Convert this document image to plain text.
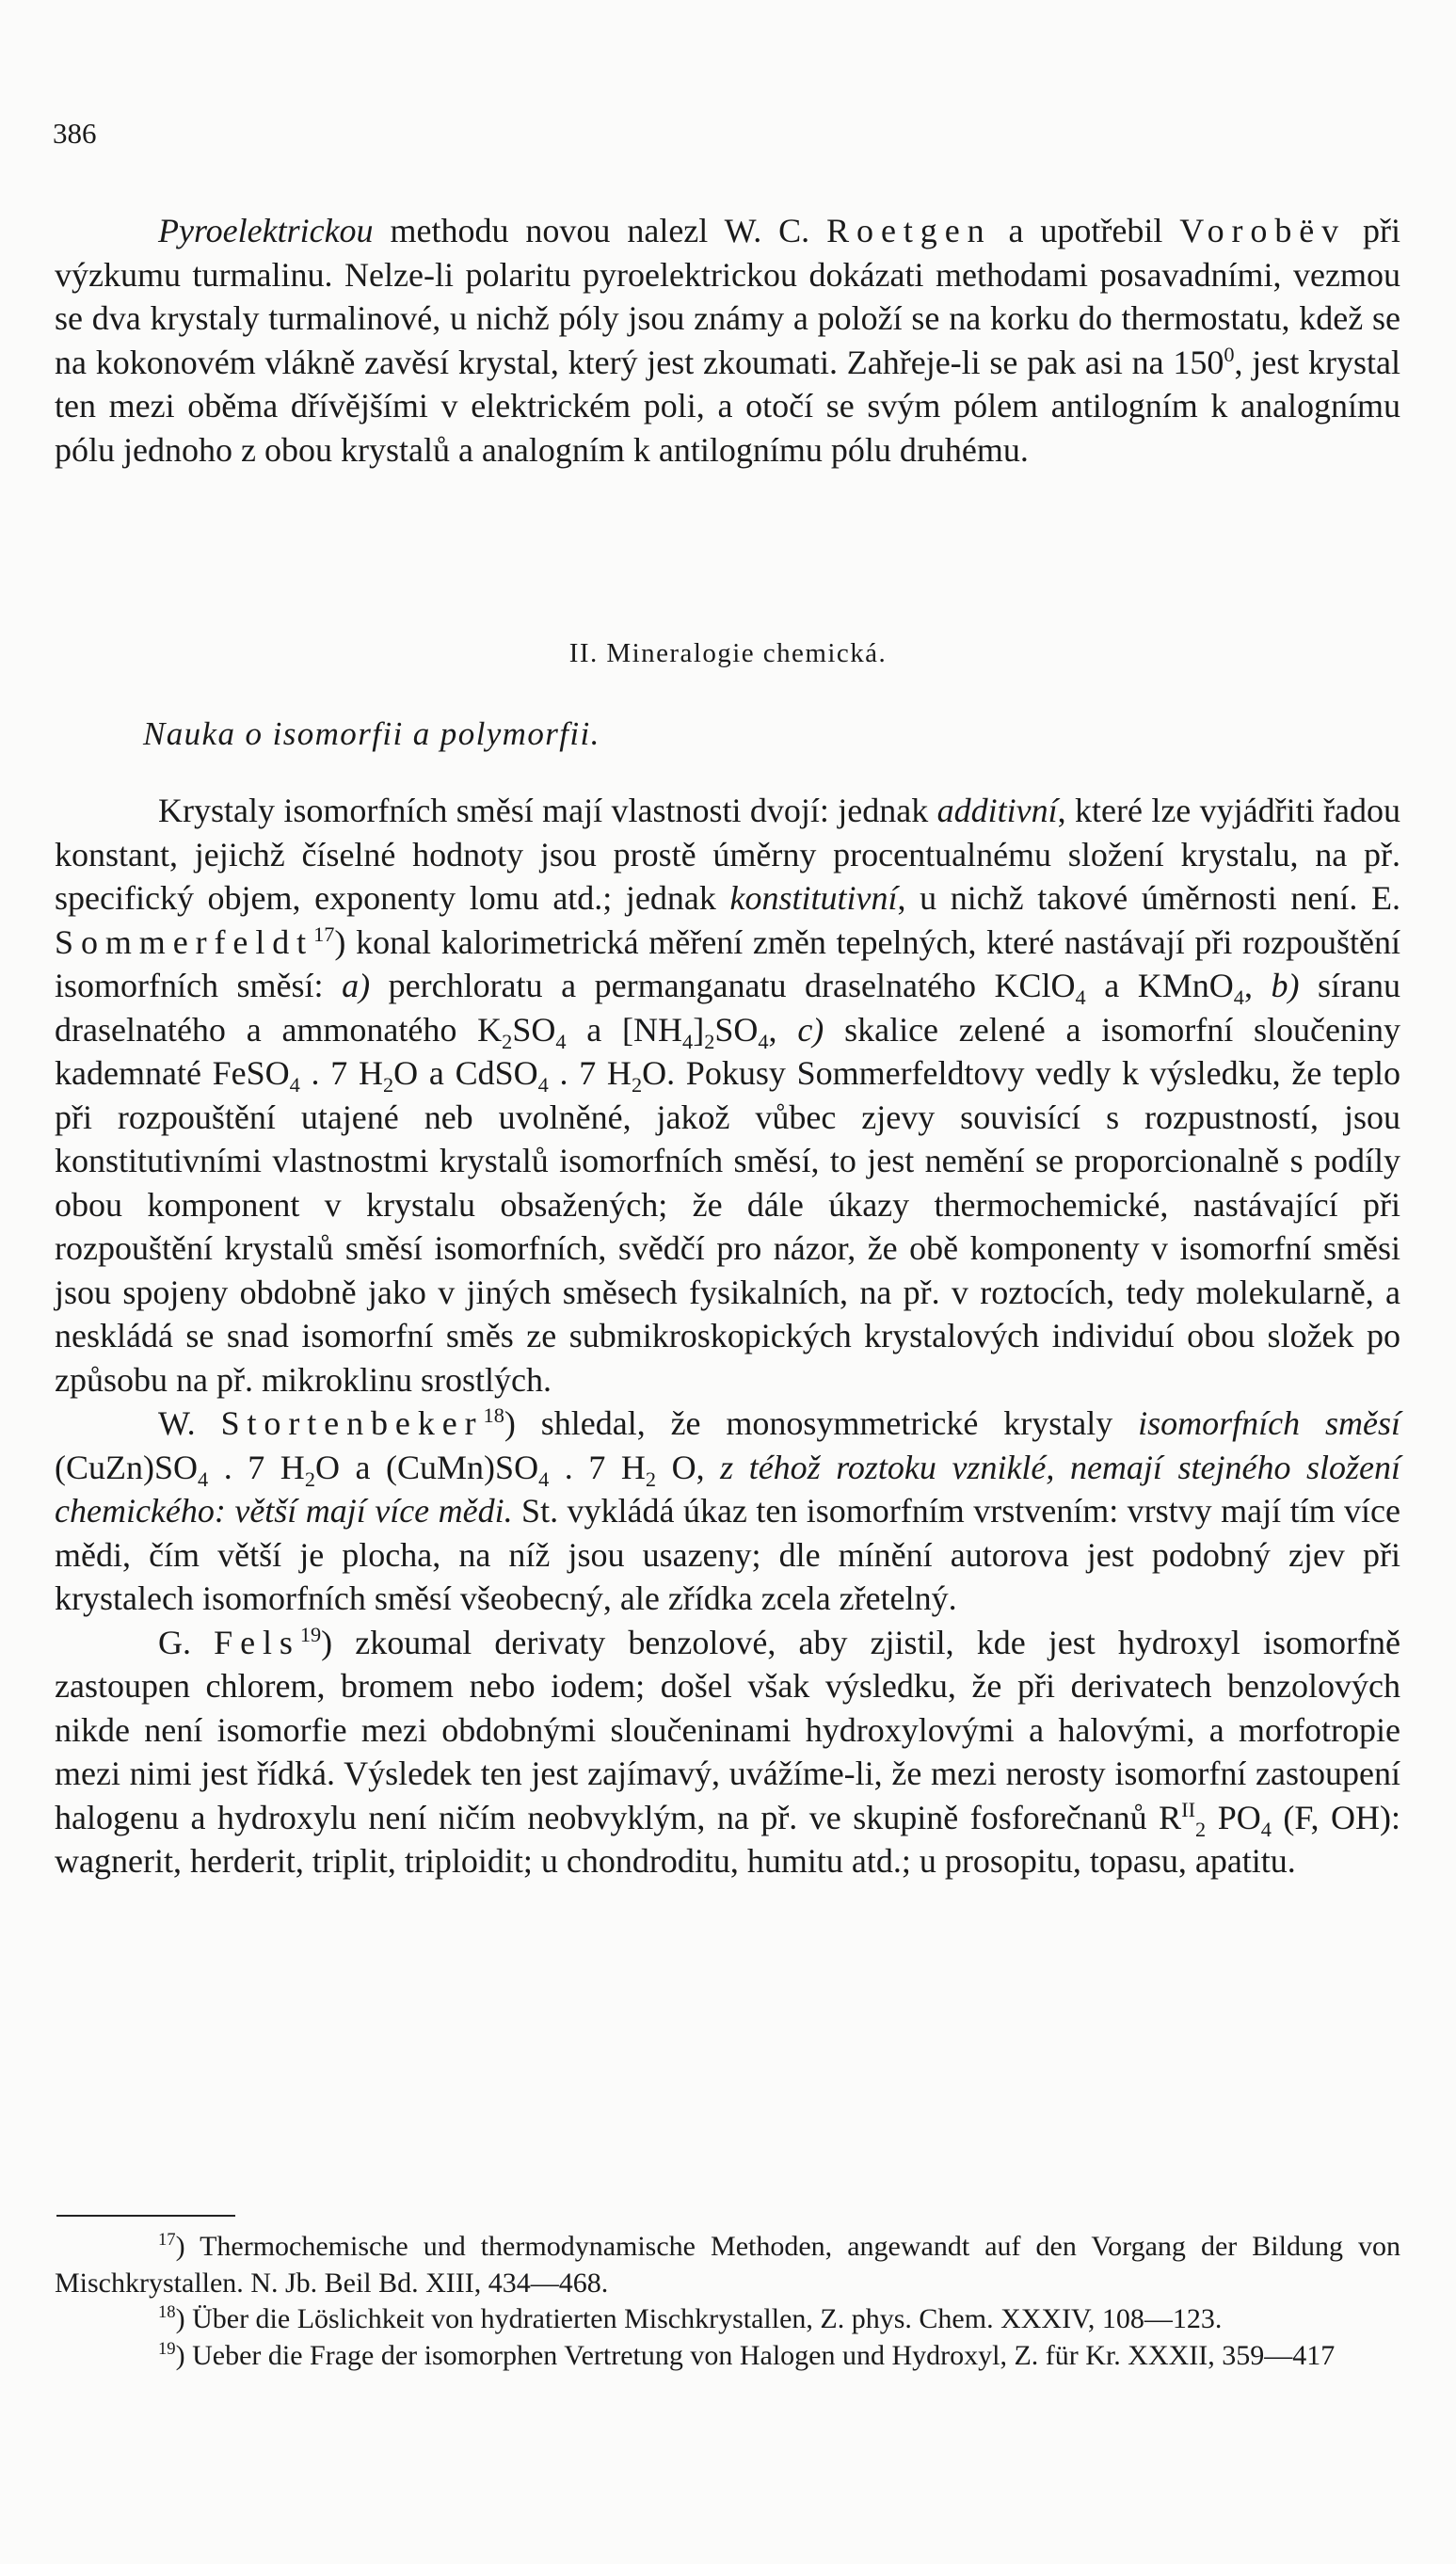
386

Pyroelektrickou methodu novou nalezl W. C. Roetgen a upotřebil Vorobëv při výzkumu turmalinu. Nelze-li polaritu pyroelektrickou dokázati methodami posavadními, vezmou se dva krystaly turmalinové, u nichž póly jsou známy a položí se na korku do thermostatu, kdež se na kokonovém vlákně zavěsí krystal, který jest zkoumati. Zahřeje-li se pak asi na $150^0$, jest krystal ten mezi oběma dřívějšími v elektrickém poli, a otočí se svým pólem antilogním k analognímu pólu jednoho z obou krystalů a analogním k antilognímu pólu druhému.

II. Mineralogie chemická.
Nauka o isomorfii a polymorfii.

Krystaly isomorfních směsí mají vlastnosti dvojí: jednak additivní, které lze vyjádřiti řadou konstant, jejichž číselné hodnoty jsou prostě úměrny procentualnému složení krystalu, na př. specifický objem, exponenty lomu atd.; jednak konstitutivní, u nichž takové úměrnosti není. E. Sommerfeldt$^{17}$) konal kalorimetrická měření změn tepelných, které nastávají při rozpouštění isomorfních směsí: a) perchloratu a permanganatu draselnatého KClO$_4$ a KMnO$_4$, b) síranu draselnatého a ammonatého $K_2SO_4$ a $[NH_4]_2SO_4$, c) skalice zelené a isomorfní sloučeniny kademnaté FeSO$_4$ . 7 $H_2O$ a CdSO$_4$ . 7 $H_2O$. Pokusy Sommerfeldtovy vedly k výsledku, že teplo při rozpouštění utajené neb uvolněné, jakož vůbec zjevy souvisící s rozpustností, jsou konstitutivními vlastnostmi krystalů isomorfních směsí, to jest nemění se proporcionalně s podíly obou komponent v krystalu obsažených; že dále úkazy thermochemické, nastávající při rozpouštění krystalů směsí isomorfních, svědčí pro názor, že obě komponenty v isomorfní směsi jsou spojeny obdobně jako v jiných směsech fysikalních, na př. v roztocích, tedy molekularně, a neskládá se snad isomorfní směs ze submikroskopických krystalových individuí obou složek po způsobu na př. mikroklinu srostlých.

W. Stortenbeker$^{18}$) shledal, že monosymmetrické krystaly isomorfních směsí $(CuZn)SO_4$ . 7 $H_2O$ a $(CuMn)SO_4$ . 7 $H_2$ O, z téhož roztoku vzniklé, nemají stejného složení chemického: větší mají více mědi. St. vykládá úkaz ten isomorfním vrstvením: vrstvy mají tím více mědi, čím větší je plocha, na níž jsou usazeny; dle mínění autorova jest podobný zjev při krystalech isomorfních směsí všeobecný, ale zřídka zcela zřetelný.

G. Fels$^{19}$) zkoumal derivaty benzolové, aby zjistil, kde jest hydroxyl isomorfně zastoupen chlorem, bromem nebo iodem; došel však výsledku, že při derivatech benzolových nikde není isomorfie mezi obdobnými sloučeninami hydroxylovými a halovými, a morfotropie mezi nimi jest řídká. Výsledek ten jest zajímavý, uvážíme-li, že mezi nerosty isomorfní zastoupení halogenu a hydroxylu není ničím neobvyklým, na př. ve skupině fosforečnanů $R^{II}_2$ $PO_4$ (F, OH): wagnerit, herderit, triplit, triploidit; u chondroditu, humitu atd.; u prosopitu, topasu, apatitu.

$^{17}$) Thermochemische und thermodynamische Methoden, angewandt auf den Vorgang der Bildung von Mischkrystallen. N. Jb. Beil Bd. XIII, 434—468.

$^{18}$) Über die Löslichkeit von hydratierten Mischkrystallen, Z. phys. Chem. XXXIV, 108—123.

$^{19}$) Ueber die Frage der isomorphen Vertretung von Halogen und Hydroxyl, Z. für Kr. XXXII, 359—417
